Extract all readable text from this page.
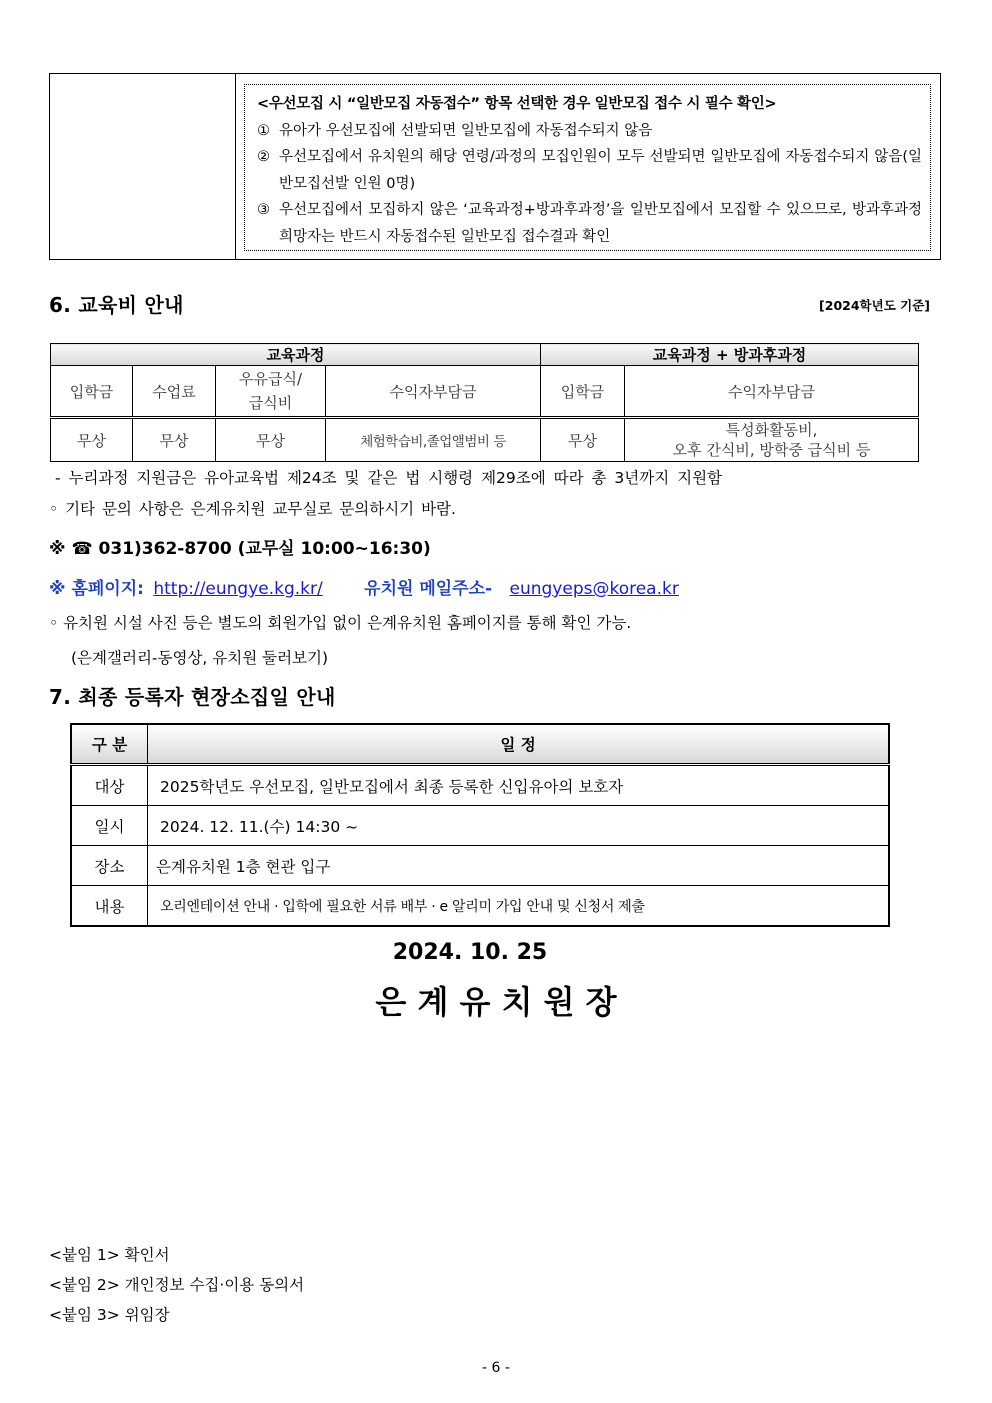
<우선모집 시 “일반모집 자동접수” 항목 선택한 경우 일반모집 접수 시 필수 확인>
① 유아가 우선모집에 선발되면 일반모집에 자동접수되지 않음
② 우선모집에서 유치원의 해당 연령/과정의 모집인원이 모두 선발되면 일반모집에 자동접수되지 않음(일반모집선발 인원 0명)
③ 우선모집에서 모집하지 않은 ‘교육과정+방과후과정’을 일반모집에서 모집할 수 있으므로, 방과후과정 희망자는 반드시 자동접수된 일반모집 접수결과 확인
6. 교육비 안내	[2024학년도 기준]
교육과정				교육과정 + 방과후과정	
입학금	수업료	우유급식/
급식비	수익자부담금	입학금	수익자부담금
무상	무상	무상	체험학습비,졸업앨범비 등	무상	특성화활동비,
오후 간식비, 방학중 급식비 등
- 누리과정 지원금은 유아교육법 제24조 및 같은 법 시행령 제29조에 따라 총 3년까지 지원함
◦ 기타 문의 사항은 은계유치원 교무실로 문의하시기 바람.
※ ☎ 031)362-8700 (교무실 10:00~16:30)
※ 홈페이지: http://eungye.kg.kr/ 유치원 메일주소- eungyeps@korea.kr
◦ 유치원 시설 사진 등은 별도의 회원가입 없이 은계유치원 홈페이지를 통해 확인 가능.
(은계갤러리-동영상, 유치원 둘러보기)
7. 최종 등록자 현장소집일 안내
구 분	일 정
대상	2025학년도 우선모집, 일반모집에서 최종 등록한 신입유아의 보호자
일시	2024. 12. 11.(수) 14:30 ~
장소	은계유치원 1층 현관 입구
내용	오리엔테이션 안내 · 입학에 필요한 서류 배부 · e 알리미 가입 안내 및 신청서 제출
2024. 10. 25
은 계 유 치 원 장
<붙임 1> 확인서
<붙임 2> 개인정보 수집·이용 동의서
<붙임 3> 위임장
- 6 -
